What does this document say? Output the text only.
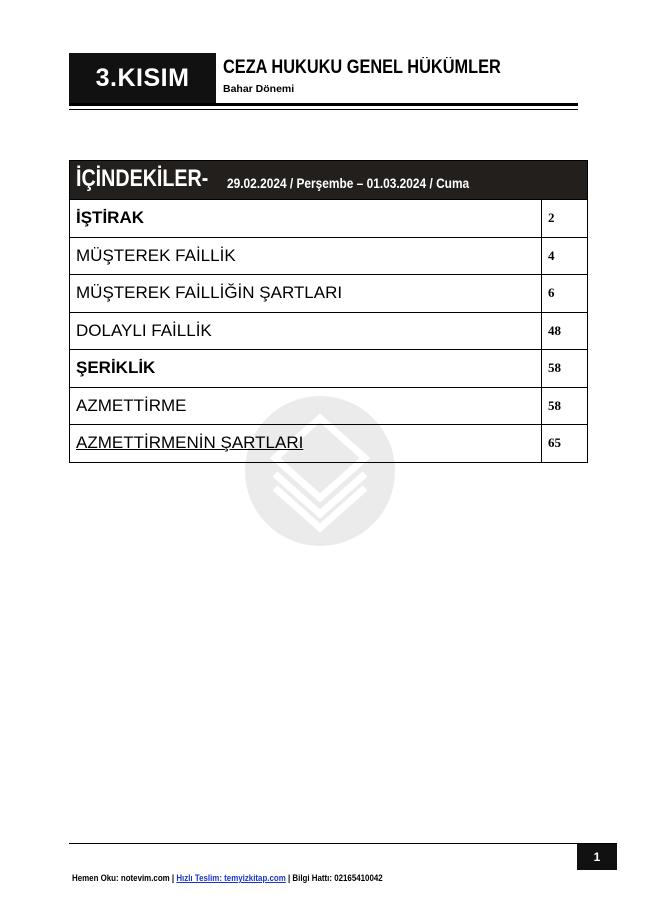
3.KISIM CEZA HUKUKU GENEL HÜKÜMLER
Bahar Dönemi
İÇİNDEKİLER- 29.02.2024 / Perşembe – 01.03.2024 / Cuma
İŞTİRAK	2
MÜŞTEREK FAİLLİK	4
MÜŞTEREK FAİLLİĞİN ŞARTLARI	6
DOLAYLI FAİLLİK	48
ŞERİKLİK	58
AZMETTİRME	58
AZMETTİRMENİN ŞARTLARI	65
1
Hemen Oku: notevim.com | Hızlı Teslim: temyizkitap.com | Bilgi Hattı: 02165410042
